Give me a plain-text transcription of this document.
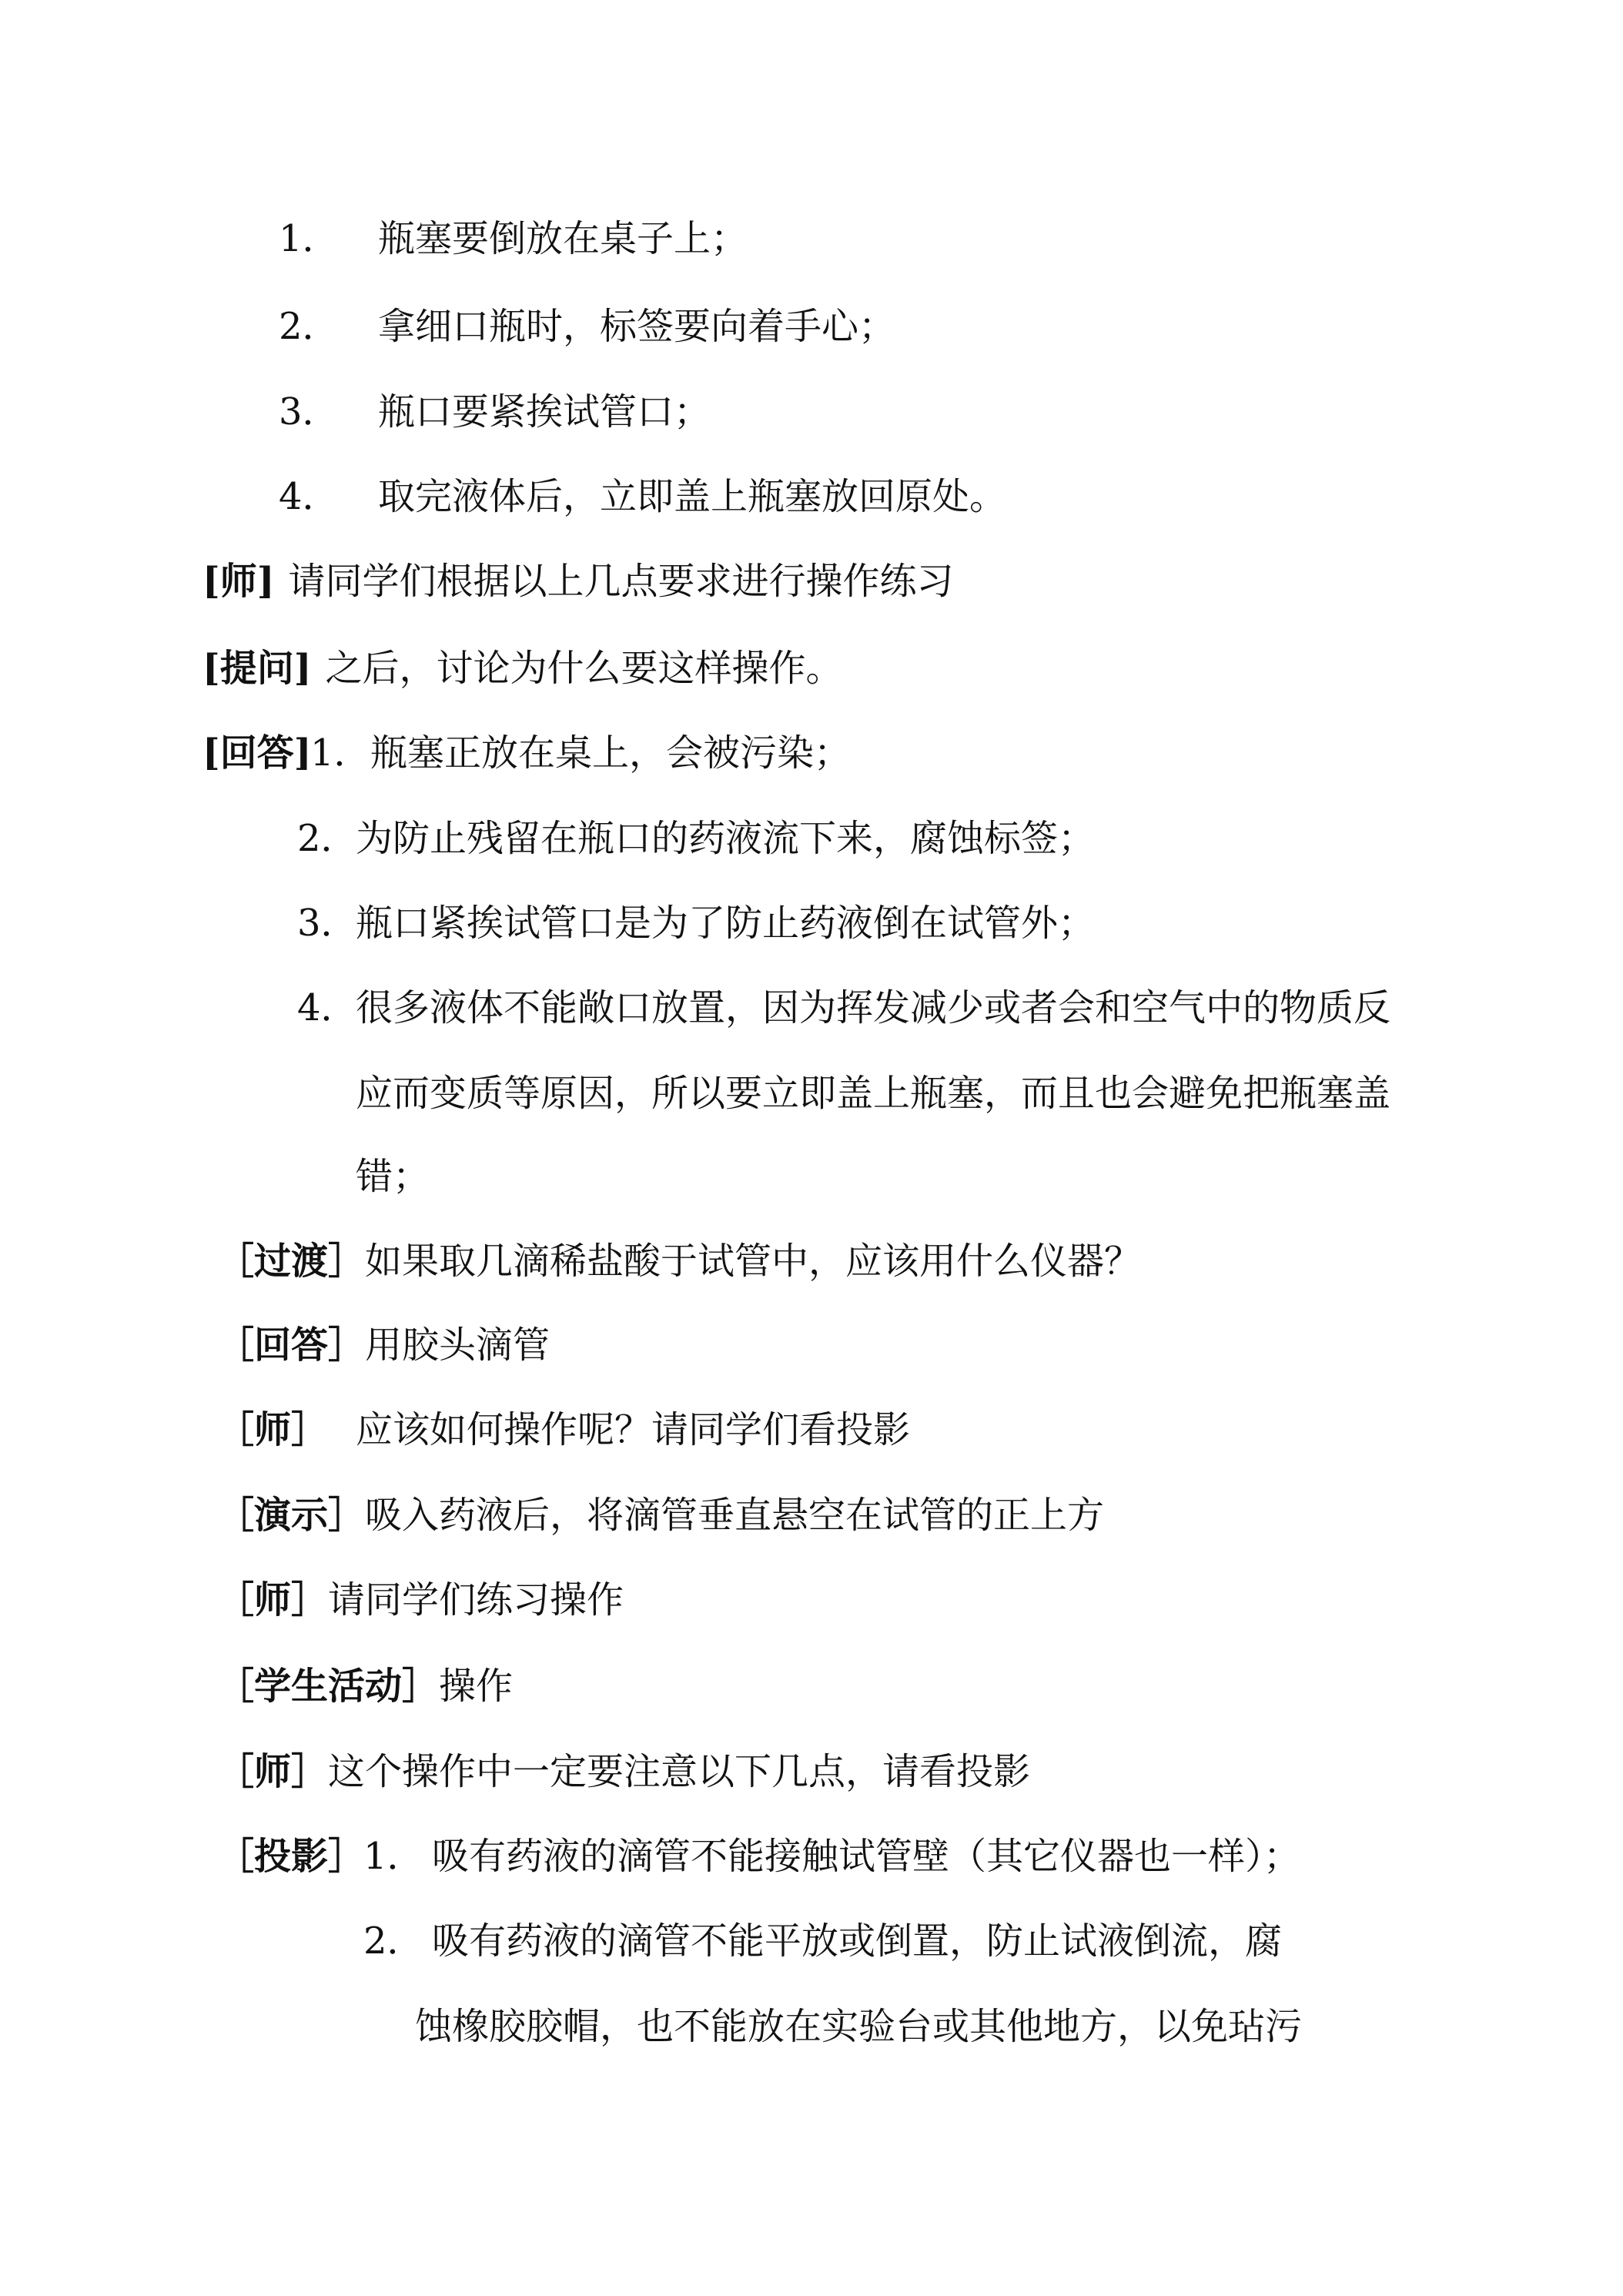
1． 瓶塞要倒放在桌子上；
2． 拿细口瓶时，标签要向着手心；
3． 瓶口要紧挨试管口；
4． 取完液体后，立即盖上瓶塞放回原处。
[师] 请同学们根据以上几点要求进行操作练习
[提问] 之后，讨论为什么要这样操作。
[回答]
1． 瓶塞正放在桌上，会被污染；
2．
为防止残留在瓶口的药液流下来，腐蚀标签；
3．
瓶口紧挨试管口是为了防止药液倒在试管外；
4．
很多液体不能敞口放置，因为挥发减少或者会和空气中的物质反
应而变质等原因，所以要立即盖上瓶塞，而且也会避免把瓶塞盖
错；
［过渡］如果取几滴稀盐酸于试管中，应该用什么仪器？
［回答］用胶头滴管
［师］ 应该如何操作呢？请同学们看投影
［演示］吸入药液后，将滴管垂直悬空在试管的正上方
［师］请同学们练习操作
［学生活动］操作
［师］这个操作中一定要注意以下几点，请看投影
［投影］
1． 吸有药液的滴管不能接触试管壁（其它仪器也一样）；
2． 吸有药液的滴管不能平放或倒置，防止试液倒流，腐
蚀橡胶胶帽，也不能放在实验台或其他地方，以免玷污
